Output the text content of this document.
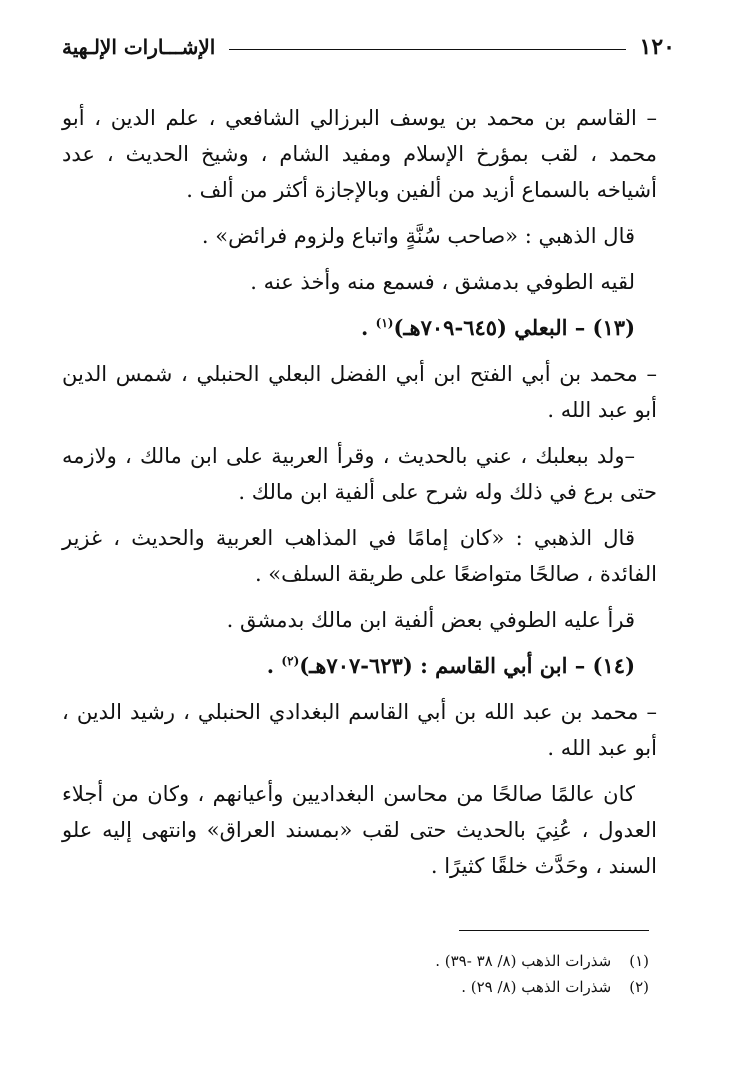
١٢٠
الإشـــارات الإلـهية

– القاسم بن محمد بن يوسف البرزالي الشافعي ، علم الدين ، أبو محمد ، لقب بمؤرخ الإسلام ومفيد الشام ، وشيخ الحديث ، عدد أشياخه بالسماع أزيد من ألفين وبالإجازة أكثر من ألف .

قال الذهبي : «صاحب سُنَّةٍ واتباع ولزوم فرائض» .

لقيه الطوفي بدمشق ، فسمع منه وأخذ عنه .

(١٣) – البعلي (٦٤٥-٧٠٩هـ)$^{(١)}$ .

– محمد بن أبي الفتح ابن أبي الفضل البعلي الحنبلي ، شمس الدين أبو عبد الله .

–ولد ببعلبك ، عني بالحديث ، وقرأ العربية على ابن مالك ، ولازمه حتى برع في ذلك وله شرح على ألفية ابن مالك .

قال الذهبي : «كان إمامًا في المذاهب العربية والحديث ، غزير الفائدة ، صالحًا متواضعًا على طريقة السلف» .

قرأ عليه الطوفي بعض ألفية ابن مالك بدمشق .

(١٤) – ابن أبي القاسم : (٦٢٣-٧٠٧هـ)$^{(٢)}$ .

– محمد بن عبد الله بن أبي القاسم البغدادي الحنبلي ، رشيد الدين ، أبو عبد الله .

كان عالمًا صالحًا من محاسن البغداديين وأعيانهم ، وكان من أجلاء العدول ، عُنِيَ بالحديث حتى لقب «بمسند العراق» وانتهى إليه علو السند ، وحَدَّث خلقًا كثيرًا .

(١)
شذرات الذهب (٨/ ٣٨ -٣٩) .
(٢)
شذرات الذهب (٨/ ٢٩) .
